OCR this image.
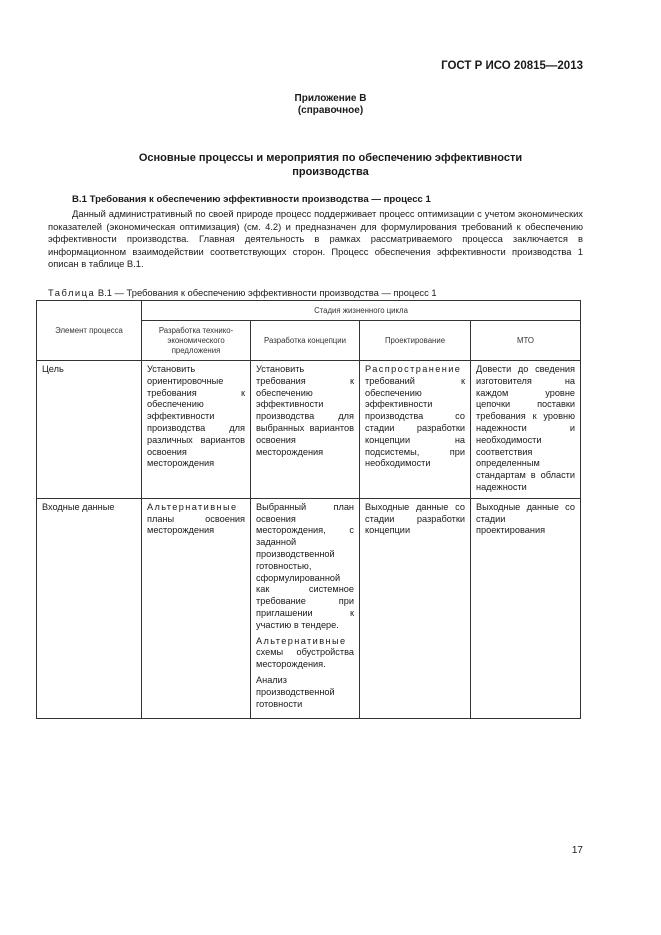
ГОСТ Р ИСО 20815—2013
Приложение В
(справочное)
Основные процессы и мероприятия по обеспечению эффективности производства
В.1 Требования к обеспечению эффективности производства — процесс 1

Данный административный по своей природе процесс поддерживает процесс оптимизации с учетом экономических показателей (экономическая оптимизация) (см. 4.2) и предназначен для формулирования требований к обеспечению эффективности производства. Главная деятельность в рамках рассматриваемого процесса заключается в информационном взаимодействии соответствующих сторон. Процесс обеспечения эффективности производства 1 описан в таблице В.1.

Таблица В.1 — Требования к обеспечению эффективности производства — процесс 1
Элемент процесса	Стадия жизненного цикла			
	Разработка технико-экономического предложения	Разработка концепции	Проектирование	МТО
Цель	Установить ориентировочные требования к обеспечению эффективности производства для различных вариантов освоения месторождения	Установить требования к обеспечению эффективности производства для выбранных вариантов освоения месторождения	Распространение требований к обеспечению эффективности производства со стадии разработки концепции на подсистемы, при необходимости	Довести до сведения изготовителя на каждом уровне цепочки поставки требования к уровню надежности и необходимости соответствия определенным стандартам в области надежности
Входные данные	Альтернативные планы освоения месторождения	Выбранный план освоения месторождения, с заданной производственной готовностью, сформулированной как системное требование при приглашении к участию в тендере.

Альтернативные схемы обустройства месторождения.

Анализ производственной готовности	Выходные данные со стадии разработки концепции	Выходные данные со стадии проектирования
17
